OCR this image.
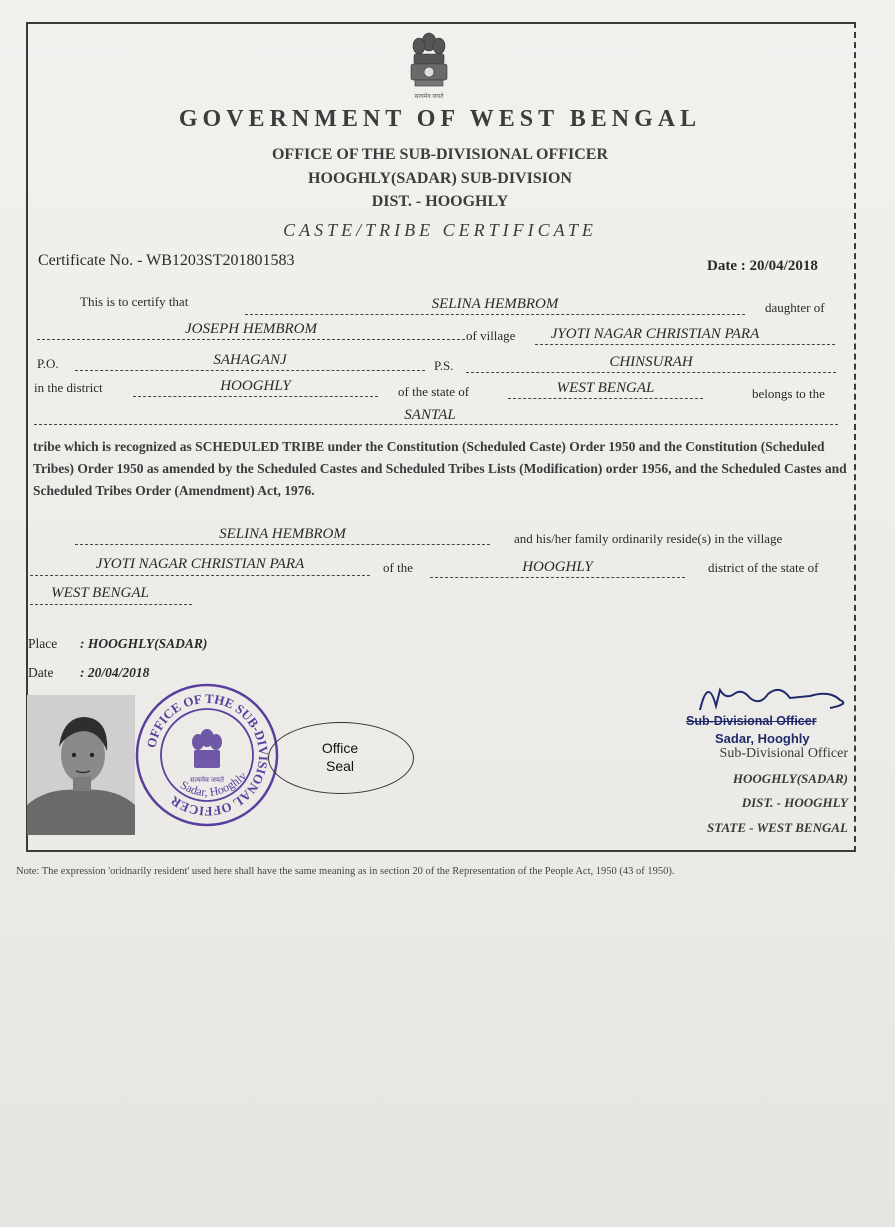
सत्यमेव जयते
GOVERNMENT OF WEST BENGAL
OFFICE OF THE SUB-DIVISIONAL OFFICER
HOOGHLY(SADAR) SUB-DIVISION
DIST. - HOOGHLY
CASTE/TRIBE CERTIFICATE
Certificate No. - WB1203ST201801583	Date : 20/04/2018
This is to certify that	SELINA HEMBROM	daughter of
JOSEPH HEMBROM	of village	JYOTI NAGAR CHRISTIAN PARA
P.O.	SAHAGANJ	P.S.	CHINSURAH
in the district	HOOGHLY	of the state of	WEST BENGAL	belongs to the
SANTAL
tribe which is recognized as SCHEDULED TRIBE under the Constitution (Scheduled Caste) Order 1950 and the Constitution (Scheduled Tribes) Order 1950 as amended by the Scheduled Castes and Scheduled Tribes Lists (Modification) order 1956, and the Scheduled Castes and Scheduled Tribes Order (Amendment) Act, 1976.
SELINA HEMBROM	and his/her family ordinarily reside(s) in the village
JYOTI NAGAR CHRISTIAN PARA	of the	HOOGHLY	district of the state of
WEST BENGAL
Place : HOOGHLY(SADAR)
Date : 20/04/2018
OFFICE OF THE SUB-DIVISIONAL OFFICER
Sadar, Hooghly
सत्यमेव जयते
Office
Seal
Sub-Divisional Officer
Sadar, Hooghly
Sub-Divisional Officer
HOOGHLY(SADAR)
DIST. - HOOGHLY
STATE - WEST BENGAL
Note: The expression 'oridnarily resident' used here shall have the same meaning as in section 20 of the Representation of the People Act, 1950 (43 of 1950).
